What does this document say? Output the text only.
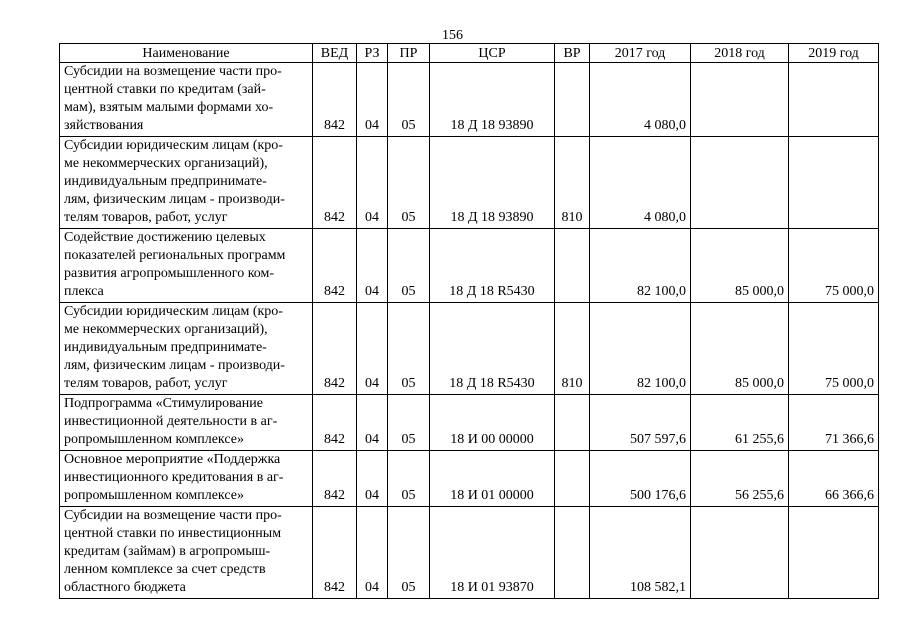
156
Наименование	ВЕД	РЗ	ПР	ЦСР	ВР	2017 год	2018 год	2019 год

Субсидии на возмещение части про-
центной ставки по кредитам (зай-
мам), взятым малыми формами хо-
зяйствования	842	04	05	18 Д 18 93890		4 080,0		

Субсидии юридическим лицам (кро-
ме некоммерческих организаций),
индивидуальным предпринимате-
лям, физическим лицам - производи-
телям товаров, работ, услуг	842	04	05	18 Д 18 93890	810	4 080,0		

Содействие достижению целевых
показателей региональных программ
развития агропромышленного ком-
плекса	842	04	05	18 Д 18 R5430		82 100,0	85 000,0	75 000,0

Субсидии юридическим лицам (кро-
ме некоммерческих организаций),
индивидуальным предпринимате-
лям, физическим лицам - производи-
телям товаров, работ, услуг	842	04	05	18 Д 18 R5430	810	82 100,0	85 000,0	75 000,0

Подпрограмма «Стимулирование
инвестиционной деятельности в аг-
ропромышленном комплексе»	842	04	05	18 И 00 00000		507 597,6	61 255,6	71 366,6

Основное мероприятие «Поддержка
инвестиционного кредитования в аг-
ропромышленном комплексе»	842	04	05	18 И 01 00000		500 176,6	56 255,6	66 366,6

Субсидии на возмещение части про-
центной ставки по инвестиционным
кредитам (займам) в агропромыш-
ленном комплексе за счет средств
областного бюджета	842	04	05	18 И 01 93870		108 582,1		
